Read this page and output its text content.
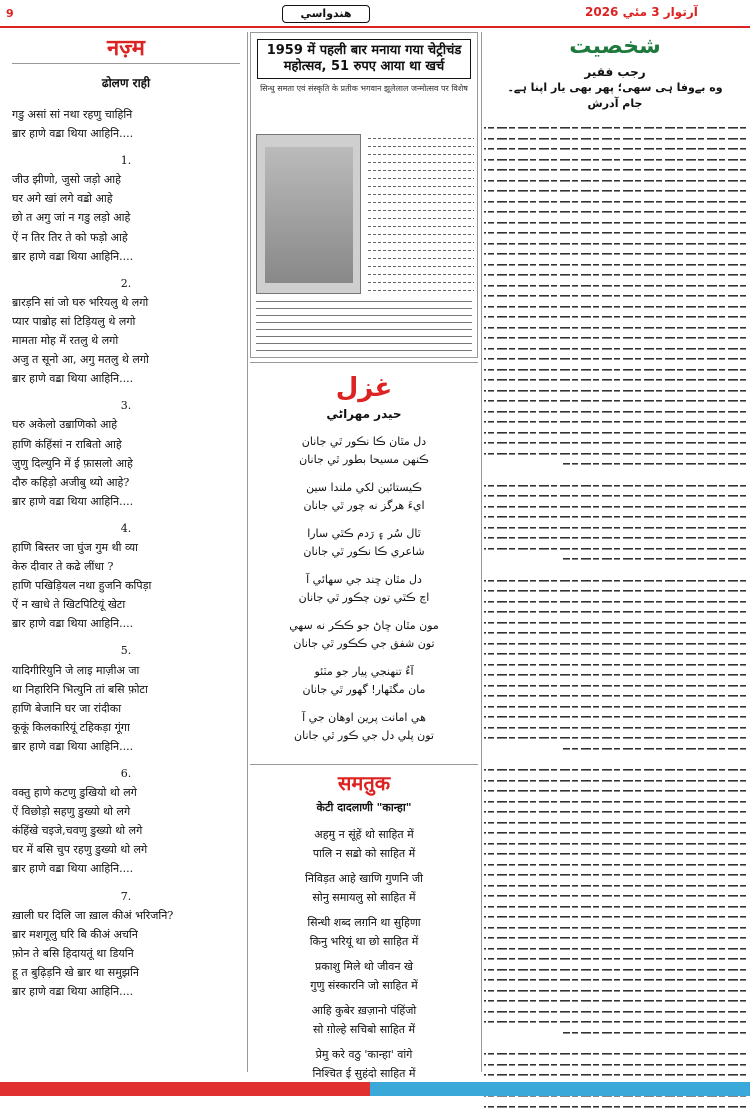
9	هندواسي	آرتوار 3 مئي 2026
नज़्म
ढोलण राही
गडु असां सां नथा रहणु चाहिनि
ॿार हाणे वॾा थिया आहिनि....
1.
जीउ झीणो, जुसो जड़ो आहे
घर अगे खां लगे वॾो आहे
छो त अगु जां न गडु लड़ो आहे
ऐं न तिर तिर ते को फड़ो आहे
ॿार हाणे वॾा थिया आहिनि....
2.
ॿारड़नि सां जो घरु भरियलु थे लगो
प्यार पाॿोह सां टिड़ियलु थे लगो
मामता मोह में रतलु थे लगो
अजु त सूनो आ, अगु मतलु थे लगो
ॿार हाणे वॾा थिया आहिनि....
3.
घरु अकेलो उॿाणिको आहे
हाणि कंहिंसां न राबितो आहे
ज़ुणु दिल्युनि में ई फ़ासलो आहे
दौरु कहिड़ो अजीबु थ्यो आहे?
ॿार हाणे वॾा थिया आहिनि....
4.
हाणि बिस्तर जा घुंज गुम थी व्या
केरु दीवार ते कढे लींधा ?
हाणि पखिड़ियल नथा हुजनि कपिड़ा
ऐं न खाधे ते खिटपिटियूं खेटा
ॿार हाणे वॾा थिया आहिनि....
5.
यादिगीरियुनि जे लाइ माज़ीअ जा
था निहारिनि भित्युनि तां बसि फ़ोटा
हाणि बेजानि घर जा रांदीका
कूकूं किलकारियूं टहिकड़ा गूंगा
ॿार हाणे वॾा थिया आहिनि....
6.
वक्तु हाणे कटणु डुखियो थो लगे
ऐं विछोड़ो सहणु डुख्यो थो लगे
कंहिंखे चइजे,चवणु डुख्यो थो लगे
घर में बसि चुप रहणु डुख्यो थो लगे
ॿार हाणे वॾा थिया आहिनि....
7.
ख़ाली घर दिलि जा ख़ाल कीअं भरिजनि?
ॿार मशगूलु घरि बि कीअं अचनि
फ़ोन ते बसि हिदायतूं था डियनि
हू त बुढ़िड़नि खे ॿार था समुझनि
ॿार हाणे वॾा थिया आहिनि....
1959 में पहली बार मनाया गया चेट्रीचंड
महोत्सव, 51 रुपए आया था खर्च
सिन्धु समता एवं संस्कृति के प्रतीक भगवान झूलेलाल जन्मोत्सव पर विशेष
غزل
حيدر مهراڻي
دل مٿان ڪا نڪور ٿي جانان
ڪنهن مسيحا بطور ٿي جانان
ڪيستائين لکي ملندا سين
ايءَ هرگز نه چور ٿي جانان
ٿال سُر ۽ رَدم ڪٿي سارا
شاعري ڪا نڪور ٿي جانان
دل مٿان ڇند جي سهائي آ
اچ ڪٿي تون چڪور ٿي جانان
مون مٿان ڇاڻ جو ڪڪر نه سهي
تون شفق جي ڪڪور ٿي جانان
آءُ تنهنجي پيار جو مٽئو
مان مگٿهار! گهور ٿي جانان
هي امانت پرين اوهان جي آ
تون پلي دل جي ڪور ٿي جانان
समतुक
केटी दादलाणी "कान्हा"
अहमु न सूंहें थो साहित में
पालि न सॾो को साहित में
निविड़त आहे खाणि गुणनि जी
सोनु समायलु सो साहित में
सिन्धी शब्द लग़नि था सुहिणा
किनु भरियूं था छो साहित में
प्रकाशु मिले थो जीवन खे
गुणु संस्कारनि जो साहित में
आहि कुबेर ख़ज़ानो पंहिंजो
सो ग़ोल्हे सचिबो साहित में
प्रेमु करे वठु 'कान्हा' वांगे
निश्चित ई सुहंदो साहित में
شخصيت
رجب فقير
وه بےوفا ہی سهی؛ پھر بھی یار اپنا ہے۔
جام آدرش
